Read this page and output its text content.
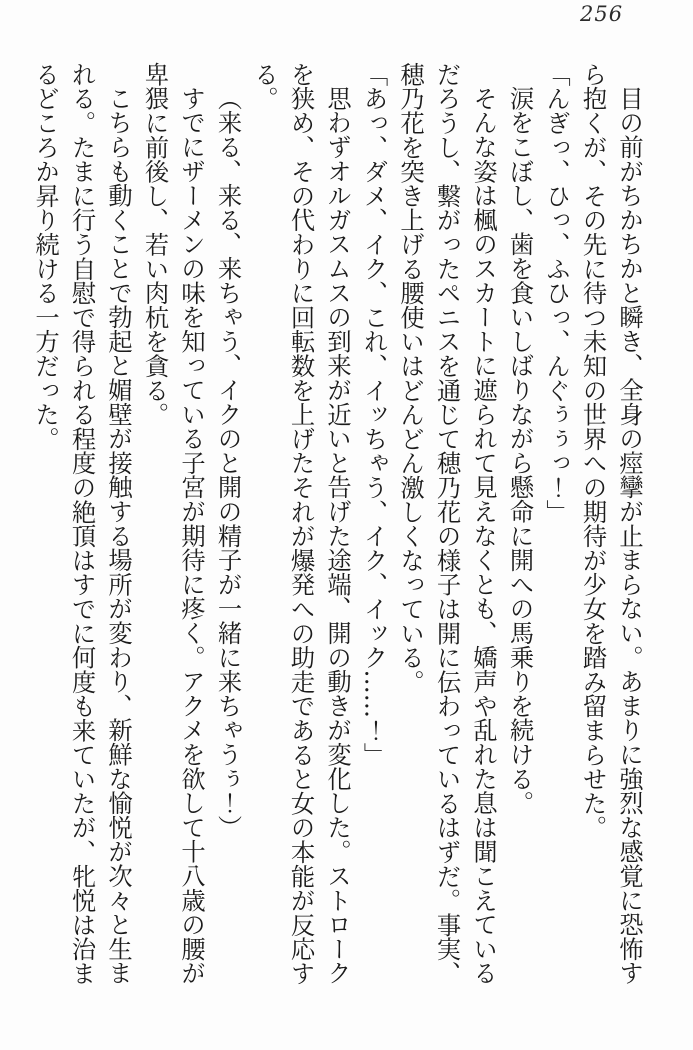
256

目の前がちかちかと瞬き、全身の痙攣が止まらない。あまりに強烈な感覚に恐怖すら抱くが、その先に待つ未知の世界への期待が少女を踏み留まらせた。

「んぎっ、ひっ、ふひっ、んぐぅぅっ！」

涙をこぼし、歯を食いしばりながら懸命に開への馬乗りを続ける。

そんな姿は楓のスカートに遮られて見えなくとも、嬌声や乱れた息は聞こえているだろうし、繋がったペニスを通じて穂乃花の様子は開に伝わっているはずだ。事実、穂乃花を突き上げる腰使いはどんどん激しくなっている。

「あっ、ダメ、イク、これ、イッちゃう、イク、イック……！」

思わずオルガスムスの到来が近いと告げた途端、開の動きが変化した。ストロークを狭め、その代わりに回転数を上げたそれが爆発への助走であると女の本能が反応する。

（来る、来る、来ちゃう、イクのと開の精子が一緒に来ちゃうぅ！）

すでにザーメンの味を知っている子宮が期待に疼く。アクメを欲して十八歳の腰が卑猥に前後し、若い肉杭を貪る。

こちらも動くことで勃起と媚壁が接触する場所が変わり、新鮮な愉悦が次々と生まれる。たまに行う自慰で得られる程度の絶頂はすでに何度も来ていたが、牝悦は治まるどころか昇り続ける一方だった。
